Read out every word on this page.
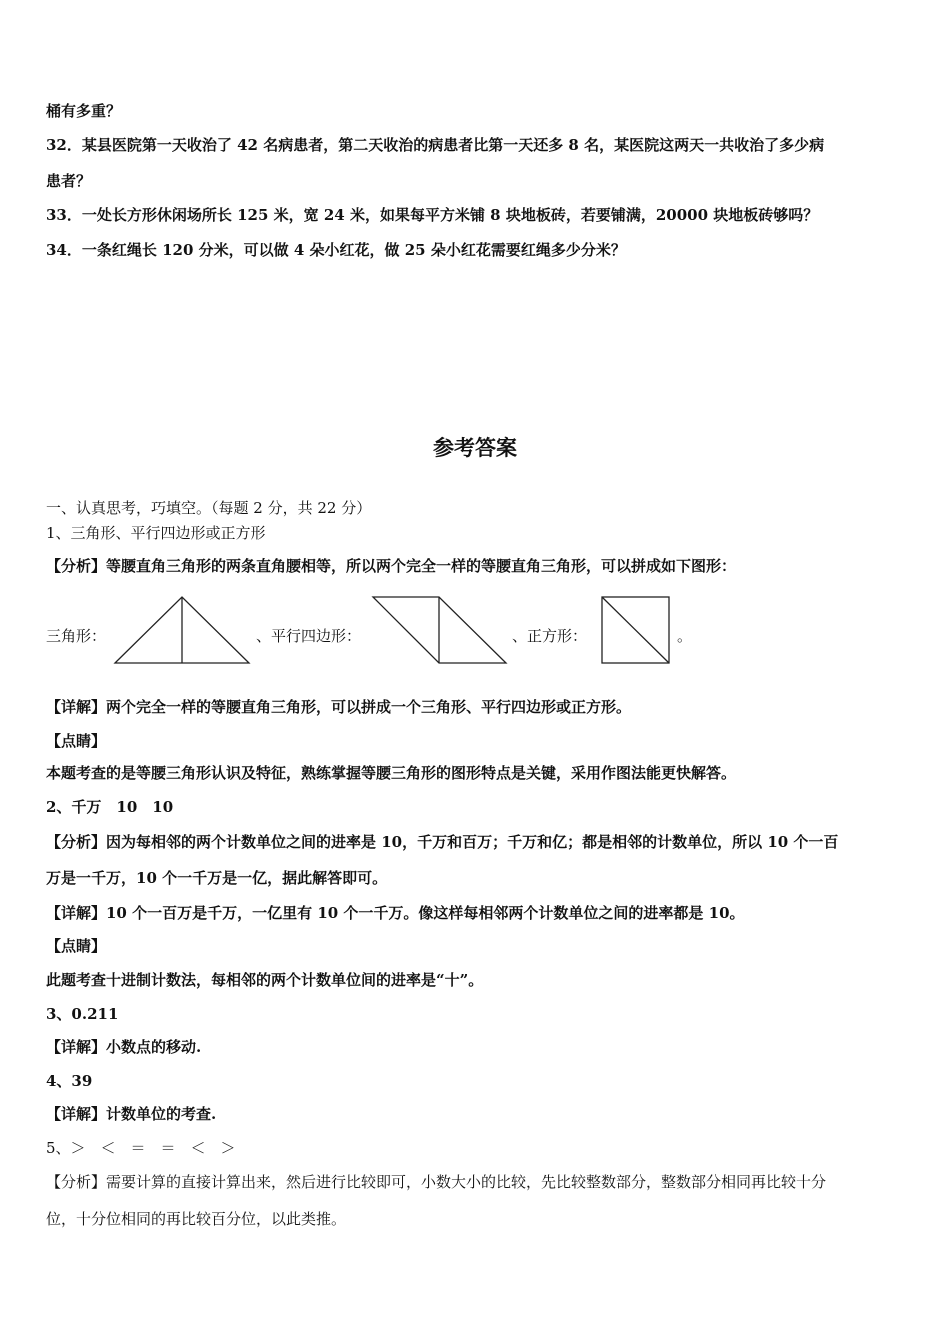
桶有多重？
32．某县医院第一天收治了 42 名病患者，第二天收治的病患者比第一天还多 8 名，某医院这两天一共收治了多少病
患者？
33．一处长方形休闲场所长 125 米，宽 24 米，如果每平方米铺 8 块地板砖，若要铺满，20000 块地板砖够吗？
34．一条红绳长 120 分米，可以做 4 朵小红花，做 25 朵小红花需要红绳多少分米？
参考答案
一、认真思考，巧填空。（每题 2 分，共 22 分）
1、三角形、平行四边形或正方形
【分析】等腰直角三角形的两条直角腰相等，所以两个完全一样的等腰直角三角形，可以拼成如下图形：
三角形：	、平行四边形：	、正方形：	。
【详解】两个完全一样的等腰直角三角形，可以拼成一个三角形、平行四边形或正方形。
【点睛】
本题考查的是等腰三角形认识及特征，熟练掌握等腰三角形的图形特点是关键，采用作图法能更快解答。
2、千万　10　10
【分析】因为每相邻的两个计数单位之间的进率是 10，千万和百万；千万和亿；都是相邻的计数单位，所以 10 个一百
万是一千万，10 个一千万是一亿，据此解答即可。
【详解】10 个一百万是千万，一亿里有 10 个一千万。像这样每相邻两个计数单位之间的进率都是 10。
【点睛】
此题考查十进制计数法，每相邻的两个计数单位间的进率是“十”。
3、0.211
【详解】小数点的移动.
4、39
【详解】计数单位的考查.
5、＞　＜　＝　＝　＜　＞
【分析】需要计算的直接计算出来，然后进行比较即可，小数大小的比较，先比较整数部分，整数部分相同再比较十分
位，十分位相同的再比较百分位，以此类推。
